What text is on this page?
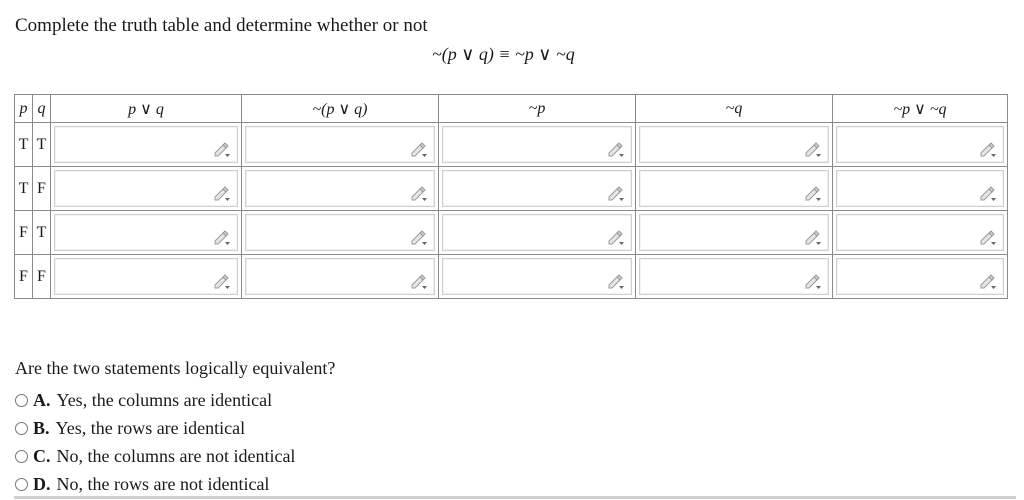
Complete the truth table and determine whether or not
~(p ∨ q) ≡ ~p ∨ ~q
p	q	p ∨ q	~(p ∨ q)	~p	~q	~p ∨ ~q
T	T	

T	F	

F	T	

F	F	

Are the two statements logically equivalent?
A. Yes, the columns are identical
B. Yes, the rows are identical
C. No, the columns are not identical
D. No, the rows are not identical
